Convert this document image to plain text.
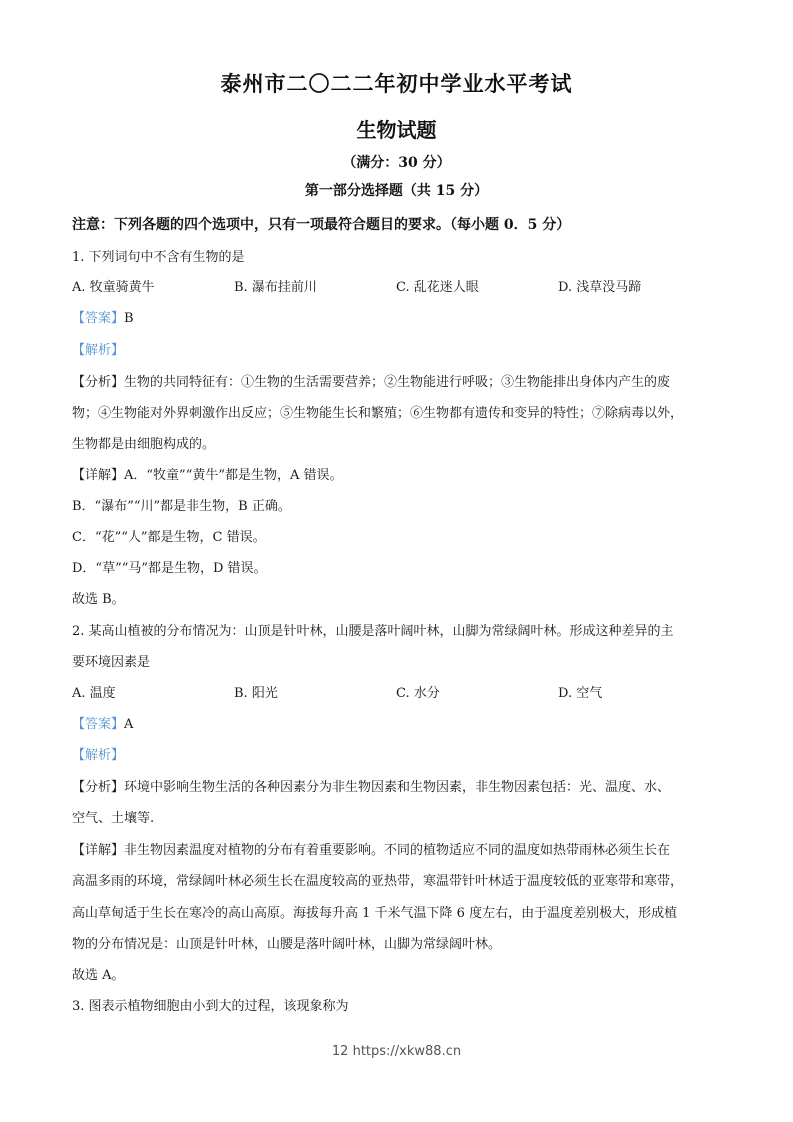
泰州市二〇二二年初中学业水平考试
生物试题
（满分：30 分）
第一部分选择题（共 15 分）
注意：下列各题的四个选项中，只有一项最符合题目的要求。（每小题 0．5 分）
1. 下列词句中不含有生物的是
A. 牧童骑黄牛	B. 瀑布挂前川	C. 乱花迷人眼	D. 浅草没马蹄
【答案】B
【解析】
【分析】生物的共同特征有：①生物的生活需要营养；②生物能进行呼吸；③生物能排出身体内产生的废
物；④生物能对外界刺激作出反应；⑤生物能生长和繁殖；⑥生物都有遗传和变异的特性；⑦除病毒以外，
生物都是由细胞构成的。
【详解】A．“牧童”“黄牛”都是生物，A 错误。
B．“瀑布”“川”都是非生物，B 正确。
C．“花”“人”都是生物，C 错误。
D．“草”“马”都是生物，D 错误。
故选 B。
2. 某高山植被的分布情况为：山顶是针叶林，山腰是落叶阔叶林，山脚为常绿阔叶林。形成这种差异的主
要环境因素是
A. 温度	B. 阳光	C. 水分	D. 空气
【答案】A
【解析】
【分析】环境中影响生物生活的各种因素分为非生物因素和生物因素，非生物因素包括：光、温度、水、
空气、土壤等.
【详解】非生物因素温度对植物的分布有着重要影响。不同的植物适应不同的温度如热带雨林必须生长在
高温多雨的环境，常绿阔叶林必须生长在温度较高的亚热带，寒温带针叶林适于温度较低的亚寒带和寒带，
高山草甸适于生长在寒冷的高山高原。海拔每升高 1 千米气温下降 6 度左右，由于温度差别极大，形成植
物的分布情况是：山顶是针叶林，山腰是落叶阔叶林，山脚为常绿阔叶林。
故选 A。
3. 图表示植物细胞由小到大的过程，该现象称为
12 https://xkw88.cn
